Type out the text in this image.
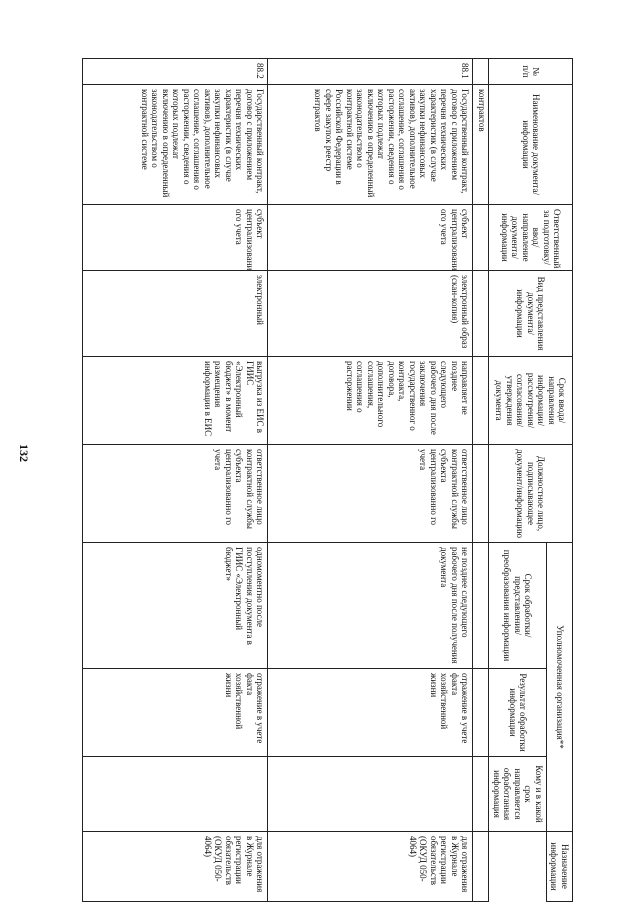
132
№ п/п	Наименование документа/информации	Ответственный за подготовку/ввод/направление документа/информации	Вид представления документа/информации	Срок ввода/направления информации/рассмотрения/согласования/утверждения документа	Должностное лицо, подписывающее документ/информацию	Уполномоченная организация**			Назначение информации
						Срок обработки/представления/преобразования информации	Результат обработки информации	Кому и в какой срок направляется обработанная информация	
	контрактов								
88.1	Государственный контракт, договор с приложением перечня технических характеристик (в случае закупки нефинансовых активов), дополнительное соглашение, соглашения о расторжении, сведения о которых подлежат включению в определенный законодательством о контрактной системе Российской Федерации в сфере закупок реестр контрактов	субъект централизовани ого учета	электронный образ (скан-копия)	направляет не позднее следующего рабочего дня после заключения государственног о контракта, договора, дополнительного соглашения, соглашения о расторжении	ответственное лицо контрактной службы субъекта централизованно го учета	не позднее следующего рабочего дня после получения документа	отражение в учете факта хозяйственной жизни		для отражения в Журнале регистрации обязательств (ОКУД 050-4064)
88.2	Государственный контракт, договор с приложением перечня технических характеристик (в случае закупки нефинансовых активов), дополнительное соглашение, соглашения о расторжении, сведения о которых подлежат включению в определенный законодательством о контрактной системе	субъект централизовани ого учета	электронный	выгрузка из ЕИС в ГИИС «Электронный бюджет» в момент размещения информации в ЕИС	ответственное лицо контрактной службы субъекта централизованно го учета	одномоментно после поступления документа в ГИИС «Электронный бюджет»	отражение в учете факта хозяйственной жизни		для отражения в Журнале регистрации обязательств (ОКУД 050-4064)
